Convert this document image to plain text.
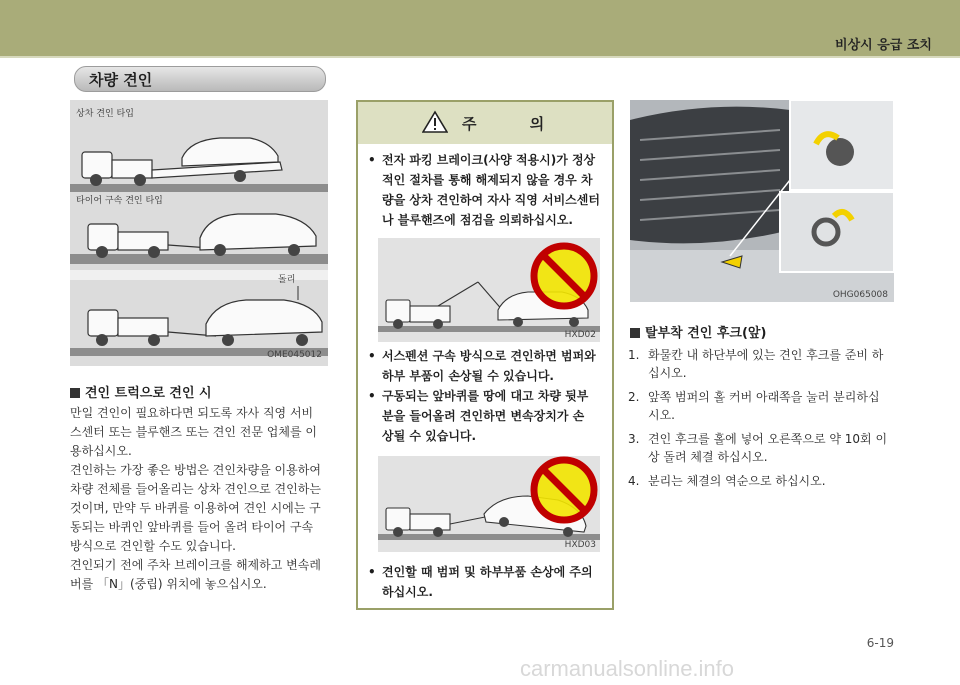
비상시 응급 조치
차량 견인
상차 견인 타입
타이어 구속 견인 타입
돌리
OME045012
견인 트럭으로 견인 시
만일 견인이 필요하다면 되도록 자사 직영 서비
스센터 또는 블루핸즈 또는 견인 전문 업체를 이
용하십시오.
견인하는 가장 좋은 방법은 견인차량을 이용하여
차량 전체를 들어올리는 상차 견인으로 견인하는
것이며, 만약 두 바퀴를 이용하여 견인 시에는 구
동되는 바퀴인 앞바퀴를 들어 올려 타이어 구속
방식으로 견인할 수도 있습니다.
견인되기 전에 주차 브레이크를 해제하고 변속레
버를 「N」(중립) 위치에 놓으십시오.
주 의
• 전자 파킹 브레이크(사양 적용시)가 정상
적인 절차를 통해 해제되지 않을 경우 차
량을 상차 견인하여 자사 직영 서비스센터
나 블루핸즈에 점검을 의뢰하십시오.
HXD02
• 서스펜션 구속 방식으로 견인하면 범퍼와
하부 부품이 손상될 수 있습니다.
• 구동되는 앞바퀴를 땅에 대고 차량 뒷부
분을 들어올려 견인하면 변속장치가 손
상될 수 있습니다.
HXD03
• 견인할 때 범퍼 및 하부부품 손상에 주의
하십시오.
OHG065008
탈부착 견인 후크(앞)
1. 화물칸 내 하단부에 있는 견인 후크를 준비 하
십시오.
2. 앞쪽 범퍼의 홀 커버 아래쪽을 눌러 분리하십
시오.
3. 견인 후크를 홀에 넣어 오른쪽으로 약 10회 이
상 돌려 체결 하십시오.
4. 분리는 체결의 역순으로 하십시오.
6-19
carmanualsonline.info
